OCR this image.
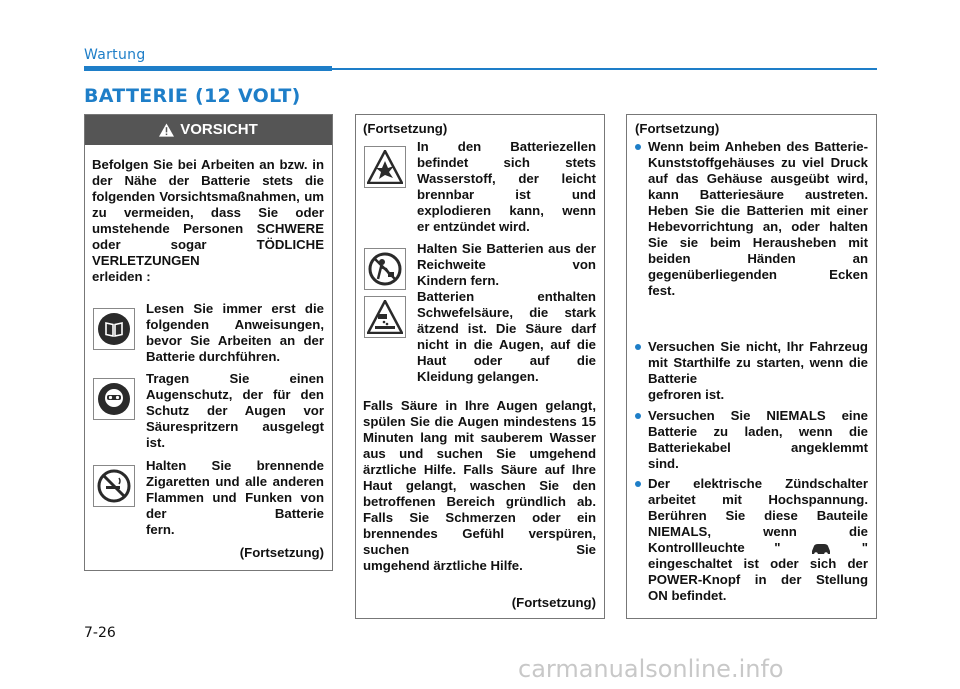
Wartung
BATTERIE (12 VOLT)
VORSICHT
Befolgen Sie bei Arbeiten an bzw. in der Nähe der Batterie stets die folgenden Vorsichtsmaßnahmen, um zu vermeiden, dass Sie oder umstehende Personen SCHWERE oder sogar TÖDLICHE VERLETZUNGEN
erleiden :
Lesen Sie immer erst die folgenden Anweisungen, bevor Sie Arbeiten an der
Batterie durchführen.
Tragen Sie einen Augenschutz, der für den Schutz der Augen vor Säurespritzern ausgelegt
ist.
Halten Sie brennende Zigaretten und alle anderen Flammen und Funken von der Batterie
fern.
(Fortsetzung)
(Fortsetzung)
In den Batteriezellen befindet sich stets Wasserstoff, der leicht brennbar ist und explodieren kann, wenn
er entzündet wird.
Halten Sie Batterien aus der Reichweite von
Kindern fern.
Batterien enthalten Schwefelsäure, die stark ätzend ist. Die Säure darf nicht in die Augen, auf die Haut oder auf die
Kleidung gelangen.
Falls Säure in Ihre Augen gelangt, spülen Sie die Augen mindestens 15 Minuten lang mit sauberem Wasser aus und suchen Sie umgehend ärztliche Hilfe. Falls Säure auf Ihre Haut gelangt, waschen Sie den betroffenen Bereich gründlich ab. Falls Sie Schmerzen oder ein brennendes Gefühl verspüren, suchen Sie
umgehend ärztliche Hilfe.
(Fortsetzung)
(Fortsetzung)
Wenn beim Anheben des Batterie-Kunststoffgehäuses zu viel Druck auf das Gehäuse ausgeübt wird, kann Batteriesäure austreten. Heben Sie die Batterien mit einer Hebevorrichtung an, oder halten Sie sie beim Herausheben mit beiden Händen an gegenüberliegenden Ecken
fest.
Versuchen Sie nicht, Ihr Fahrzeug mit Starthilfe zu starten, wenn die Batterie
gefroren ist.
Versuchen Sie NIEMALS eine Batterie zu laden, wenn die Batteriekabel angeklemmt
sind.
Der elektrische Zündschalter arbeitet mit Hochspannung. Berühren Sie diese Bauteile NIEMALS, wenn die Kontrollleuchte "	" eingeschaltet ist oder sich der POWER-Knopf in der Stellung
ON befindet.
7-26
carmanualsonline.info
